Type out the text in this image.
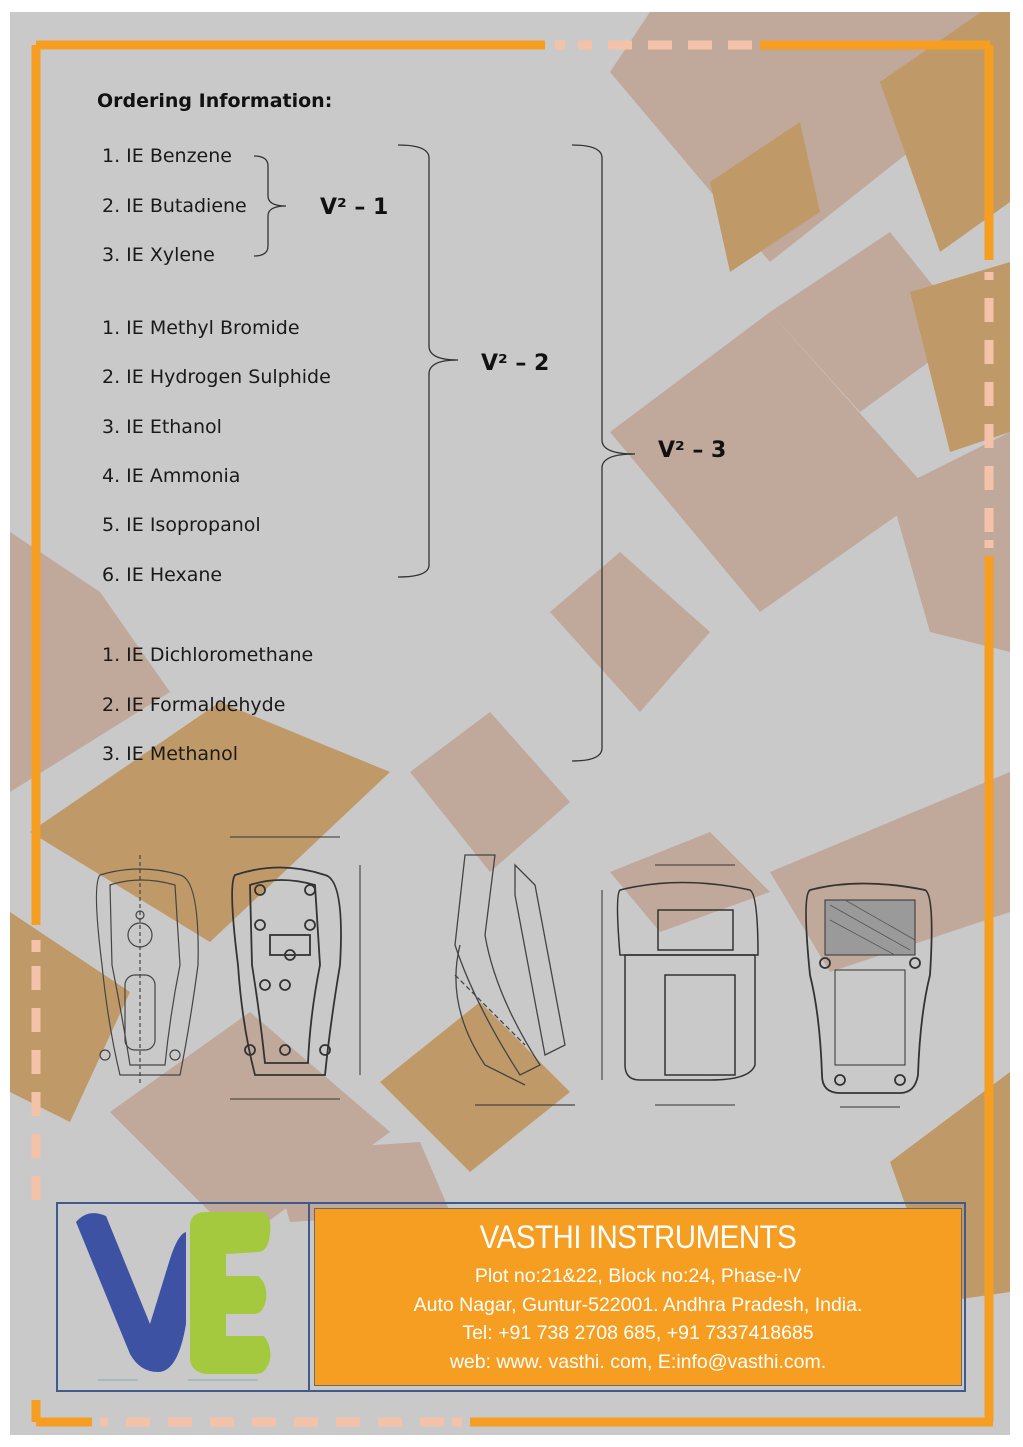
Ordering Information:
1. IE Benzene
2. IE Butadiene
3. IE Xylene
1. IE Methyl Bromide
2. IE Hydrogen Sulphide
3. IE Ethanol
4. IE Ammonia
5. IE Isopropanol
6. IE Hexane
1. IE Dichloromethane
2. IE Formaldehyde
3. IE Methanol
V² – 1
V² – 2
V² – 3
VASTHI INSTRUMENTS
Plot no:21&22, Block no:24, Phase-IV
Auto Nagar, Guntur-522001. Andhra Pradesh, India.
Tel: +91 738 2708 685, +91 7337418685
web: www. vasthi. com, E:info@vasthi.com.
